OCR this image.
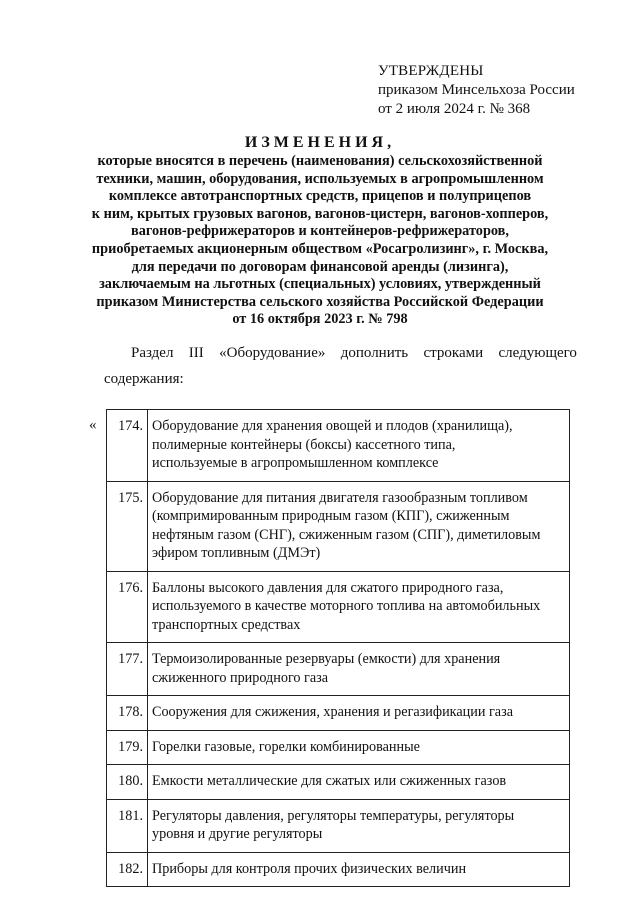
УТВЕРЖДЕНЫ
приказом Минсельхоза России
от 2 июля 2024 г. № 368
ИЗМЕНЕНИЯ,
которые вносятся в перечень (наименования) сельскохозяйственной
техники, машин, оборудования, используемых в агропромышленном
комплексе автотранспортных средств, прицепов и полуприцепов
к ним, крытых грузовых вагонов, вагонов-цистерн, вагонов-хопперов,
вагонов-рефрижераторов и контейнеров-рефрижераторов,
приобретаемых акционерным обществом «Росагролизинг», г. Москва,
для передачи по договорам финансовой аренды (лизинга),
заключаемым на льготных (специальных) условиях, утвержденный
приказом Министерства сельского хозяйства Российской Федерации
от 16 октября 2023 г. № 798
Раздел III «Оборудование» дополнить строками следующего
содержания:
« 174.	Оборудование для хранения овощей и плодов (хранилища),
полимерные контейнеры (боксы) кассетного типа,
используемые в агропромышленном комплексе

175.	Оборудование для питания двигателя газообразным топливом
(компримированным природным газом (КПГ), сжиженным
нефтяным газом (СНГ), сжиженным газом (СПГ), диметиловым
эфиром топливным (ДМЭт)

176.	Баллоны высокого давления для сжатого природного газа,
используемого в качестве моторного топлива на автомобильных
транспортных средствах

177.	Термоизолированные резервуары (емкости) для хранения
сжиженного природного газа

178.	Сооружения для сжижения, хранения и регазификации газа

179.	Горелки газовые, горелки комбинированные

180.	Емкости металлические для сжатых или сжиженных газов

181.	Регуляторы давления, регуляторы температуры, регуляторы
уровня и другие регуляторы

182.	Приборы для контроля прочих физических величин
